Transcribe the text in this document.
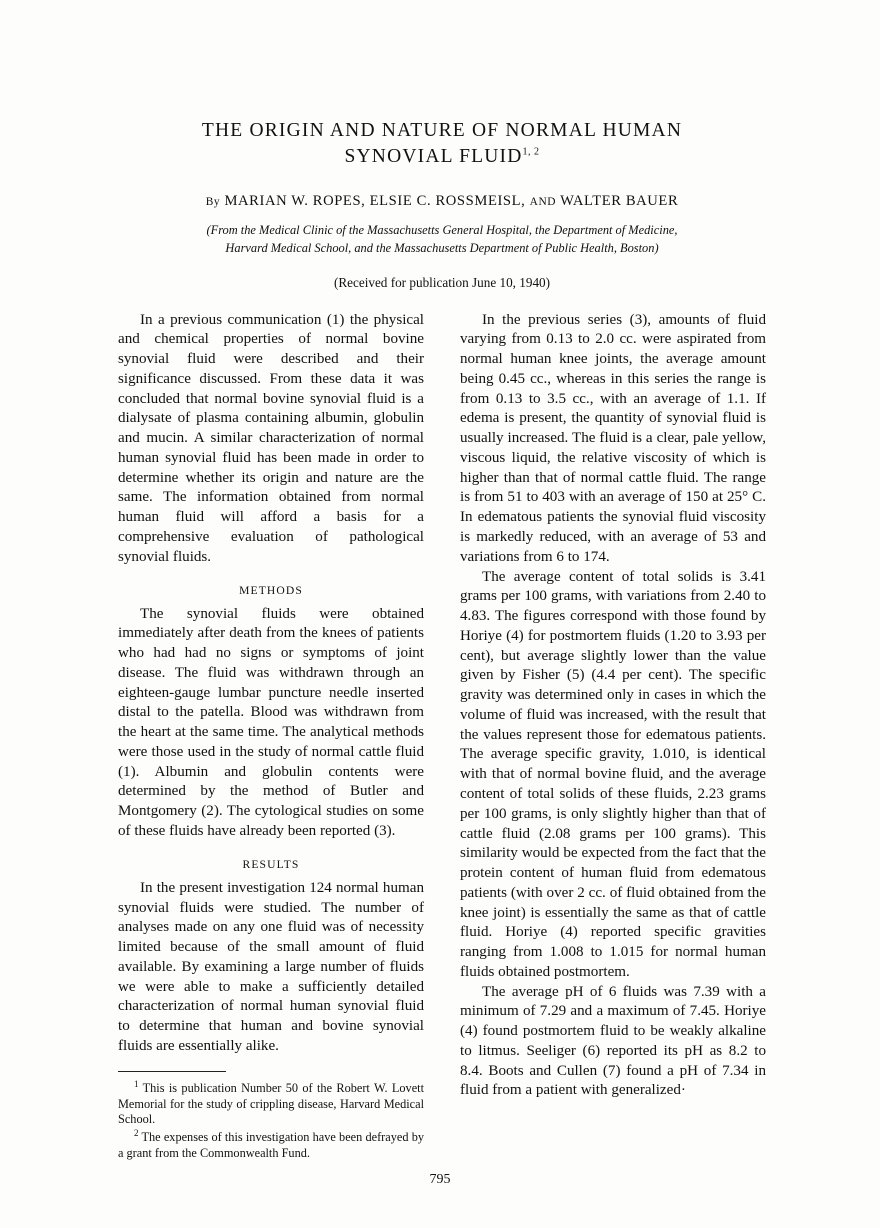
THE ORIGIN AND NATURE OF NORMAL HUMAN
SYNOVIAL FLUID$^{1, 2}$
By MARIAN W. ROPES, ELSIE C. ROSSMEISL, AND WALTER BAUER
(From the Medical Clinic of the Massachusetts General Hospital, the Department of Medicine,
Harvard Medical School, and the Massachusetts Department of Public Health, Boston)
(Received for publication June 10, 1940)

In a previous communication (1) the physical and chemical properties of normal bovine synovial fluid were described and their significance discussed. From these data it was concluded that normal bovine synovial fluid is a dialysate of plasma containing albumin, globulin and mucin. A similar characterization of normal human synovial fluid has been made in order to determine whether its origin and nature are the same. The information obtained from normal human fluid will afford a basis for a comprehensive evaluation of pathological synovial fluids.

METHODS

The synovial fluids were obtained immediately after death from the knees of patients who had had no signs or symptoms of joint disease. The fluid was withdrawn through an eighteen-gauge lumbar puncture needle inserted distal to the patella. Blood was withdrawn from the heart at the same time. The analytical methods were those used in the study of normal cattle fluid (1). Albumin and globulin contents were determined by the method of Butler and Montgomery (2). The cytological studies on some of these fluids have already been reported (3).

RESULTS

In the present investigation 124 normal human synovial fluids were studied. The number of analyses made on any one fluid was of necessity limited because of the small amount of fluid available. By examining a large number of fluids we were able to make a sufficiently detailed characterization of normal human synovial fluid to determine that human and bovine synovial fluids are essentially alike.

$^1$ This is publication Number 50 of the Robert W. Lovett Memorial for the study of crippling disease, Harvard Medical School.

$^2$ The expenses of this investigation have been defrayed by a grant from the Commonwealth Fund.

In the previous series (3), amounts of fluid varying from 0.13 to 2.0 cc. were aspirated from normal human knee joints, the average amount being 0.45 cc., whereas in this series the range is from 0.13 to 3.5 cc., with an average of 1.1. If edema is present, the quantity of synovial fluid is usually increased. The fluid is a clear, pale yellow, viscous liquid, the relative viscosity of which is higher than that of normal cattle fluid. The range is from 51 to 403 with an average of 150 at 25° C. In edematous patients the synovial fluid viscosity is markedly reduced, with an average of 53 and variations from 6 to 174.

The average content of total solids is 3.41 grams per 100 grams, with variations from 2.40 to 4.83. The figures correspond with those found by Horiye (4) for postmortem fluids (1.20 to 3.93 per cent), but average slightly lower than the value given by Fisher (5) (4.4 per cent). The specific gravity was determined only in cases in which the volume of fluid was increased, with the result that the values represent those for edematous patients. The average specific gravity, 1.010, is identical with that of normal bovine fluid, and the average content of total solids of these fluids, 2.23 grams per 100 grams, is only slightly higher than that of cattle fluid (2.08 grams per 100 grams). This similarity would be expected from the fact that the protein content of human fluid from edematous patients (with over 2 cc. of fluid obtained from the knee joint) is essentially the same as that of cattle fluid. Horiye (4) reported specific gravities ranging from 1.008 to 1.015 for normal human fluids obtained postmortem.

The average pH of 6 fluids was 7.39 with a minimum of 7.29 and a maximum of 7.45. Horiye (4) found postmortem fluid to be weakly alkaline to litmus. Seeliger (6) reported its pH as 8.2 to 8.4. Boots and Cullen (7) found a pH of 7.34 in fluid from a patient with generalized·

795
